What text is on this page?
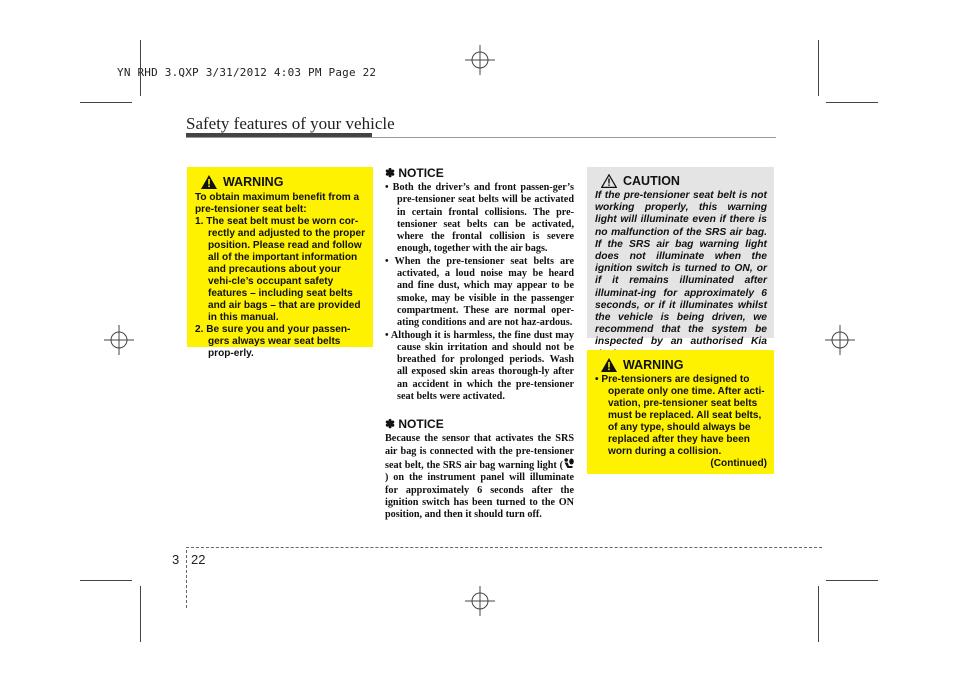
YN RHD 3.QXP 3/31/2012 4:03 PM Page 22
Safety features of your vehicle
WARNING

To obtain maximum benefit from a pre-tensioner seat belt:

1. The seat belt must be worn cor-rectly and adjusted to the proper position. Please read and follow all of the important information and precautions about your vehi-cle’s occupant safety features – including seat belts and air bags – that are provided in this manual.

2. Be sure you and your passen-gers always wear seat belts prop-erly.

✽ NOTICE

• Both the driver’s and front passen-ger’s pre-tensioner seat belts will be activated in certain frontal collisions. The pre-tensioner seat belts can be activated, where the frontal collision is severe enough, together with the air bags.

• When the pre-tensioner seat belts are activated, a loud noise may be heard and fine dust, which may appear to be smoke, may be visible in the passenger compartment. These are normal oper-ating conditions and are not haz-ardous.

• Although it is harmless, the fine dust may cause skin irritation and should not be breathed for prolonged periods. Wash all exposed skin areas thorough-ly after an accident in which the pre-tensioner seat belts were activated.

✽ NOTICE

Because the sensor that activates the SRS air bag is connected with the pre-tensioner seat belt, the SRS air bag warning light () on the instrument panel will illuminate for approximately 6 seconds after the ignition switch has been turned to the ON position, and then it should turn off.

CAUTION

If the pre-tensioner seat belt is not working properly, this warning light will illuminate even if there is no malfunction of the SRS air bag. If the SRS air bag warning light does not illuminate when the ignition switch is turned to ON, or if it remains illuminated after illuminat-ing for approximately 6 seconds, or if it illuminates whilst the vehicle is being driven, we recommend that the system be inspected by an authorised Kia

WARNING

• Pre-tensioners are designed to operate only one time. After acti-vation, pre-tensioner seat belts must be replaced. All seat belts, of any type, should always be replaced after they have been worn during a collision.

(Continued)

3 22
